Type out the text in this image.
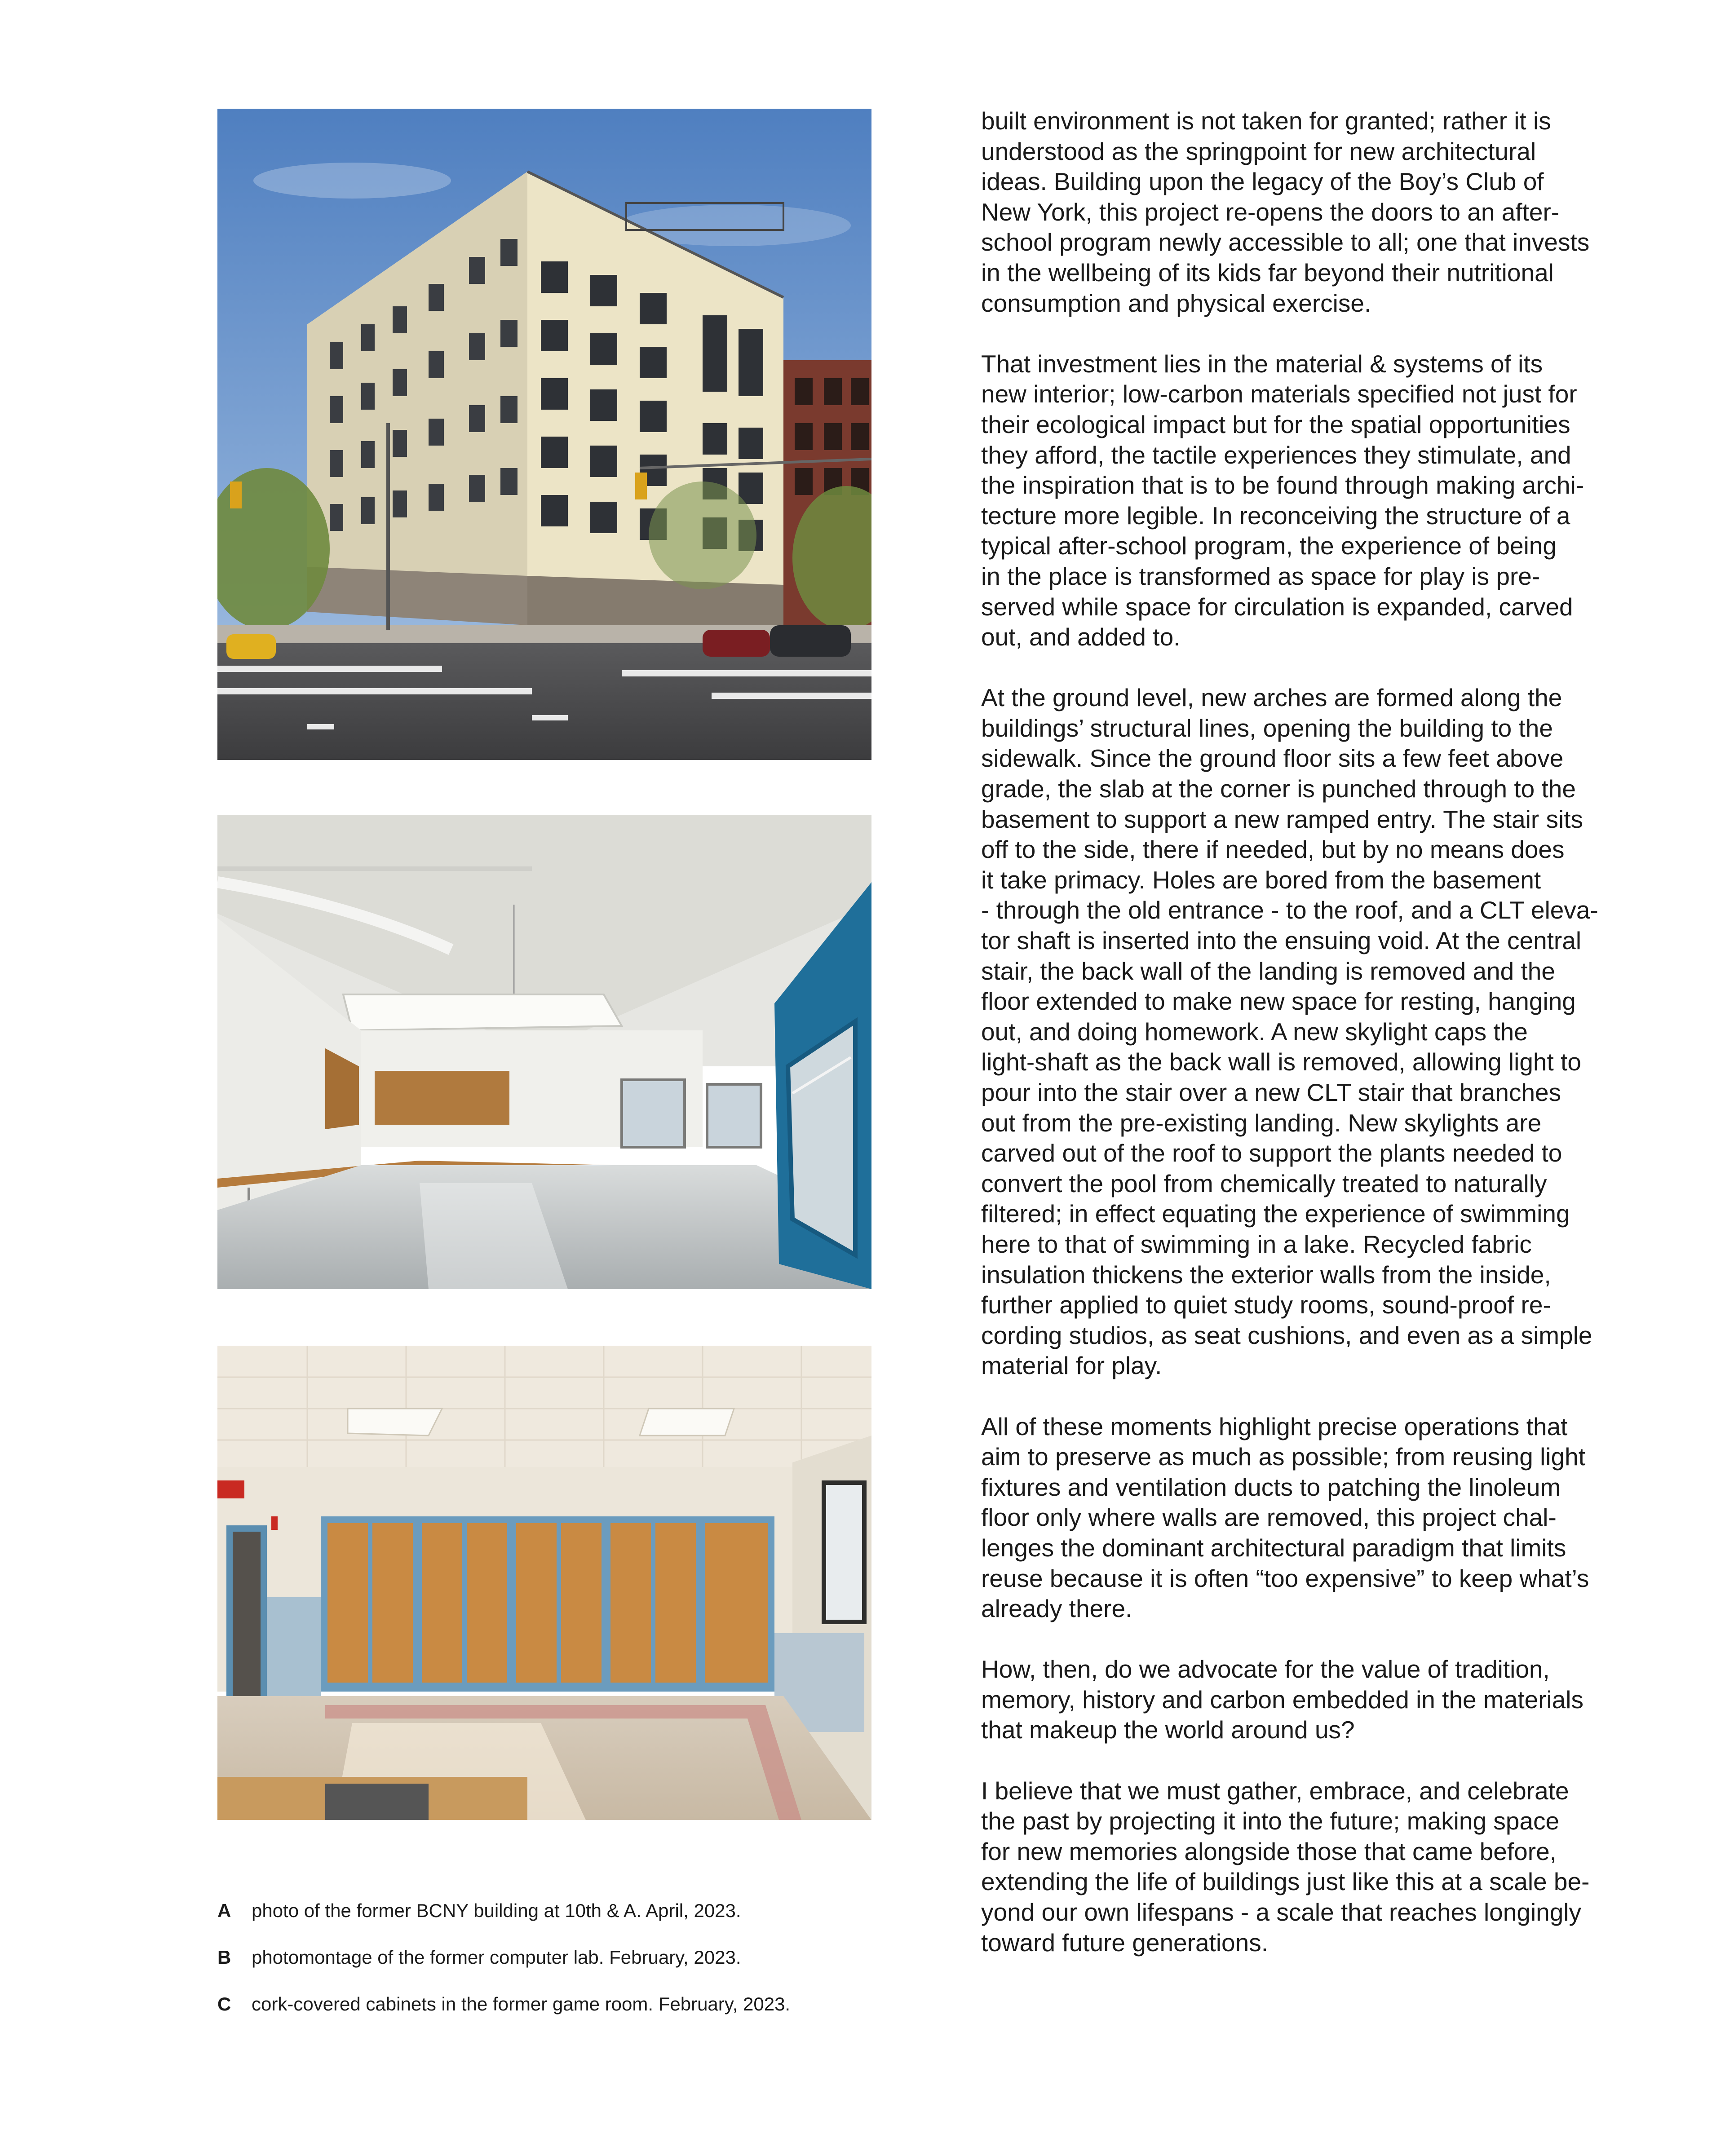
A photo of the former BCNY building at 10th & A. April, 2023.
B photomontage of the former computer lab. February, 2023.
C cork-covered cabinets in the former game room. February, 2023.

built environment is not taken for granted; rather it is
understood as the springpoint for new architectural
ideas. Building upon the legacy of the Boy’s Club of
New York, this project re-opens the doors to an after-
school program newly accessible to all; one that invests
in the wellbeing of its kids far beyond their nutritional
consumption and physical exercise.

That investment lies in the material & systems of its
new interior; low-carbon materials specified not just for
their ecological impact but for the spatial opportunities
they afford, the tactile experiences they stimulate, and
the inspiration that is to be found through making archi-
tecture more legible. In reconceiving the structure of a
typical after-school program, the experience of being
in the place is transformed as space for play is pre-
served while space for circulation is expanded, carved
out, and added to.

At the ground level, new arches are formed along the
buildings’ structural lines, opening the building to the
sidewalk. Since the ground floor sits a few feet above
grade, the slab at the corner is punched through to the
basement to support a new ramped entry. The stair sits
off to the side, there if needed, but by no means does
it take primacy. Holes are bored from the basement
- through the old entrance - to the roof, and a CLT eleva-
tor shaft is inserted into the ensuing void. At the central
stair, the back wall of the landing is removed and the
floor extended to make new space for resting, hanging
out, and doing homework. A new skylight caps the
light-shaft as the back wall is removed, allowing light to
pour into the stair over a new CLT stair that branches
out from the pre-existing landing. New skylights are
carved out of the roof to support the plants needed to
convert the pool from chemically treated to naturally
filtered; in effect equating the experience of swimming
here to that of swimming in a lake. Recycled fabric
insulation thickens the exterior walls from the inside,
further applied to quiet study rooms, sound-proof re-
cording studios, as seat cushions, and even as a simple
material for play.

All of these moments highlight precise operations that
aim to preserve as much as possible; from reusing light
fixtures and ventilation ducts to patching the linoleum
floor only where walls are removed, this project chal-
lenges the dominant architectural paradigm that limits
reuse because it is often “too expensive” to keep what’s
already there.

How, then, do we advocate for the value of tradition,
memory, history and carbon embedded in the materials
that makeup the world around us?

I believe that we must gather, embrace, and celebrate
the past by projecting it into the future; making space
for new memories alongside those that came before,
extending the life of buildings just like this at a scale be-
yond our own lifespans - a scale that reaches longingly
toward future generations.
